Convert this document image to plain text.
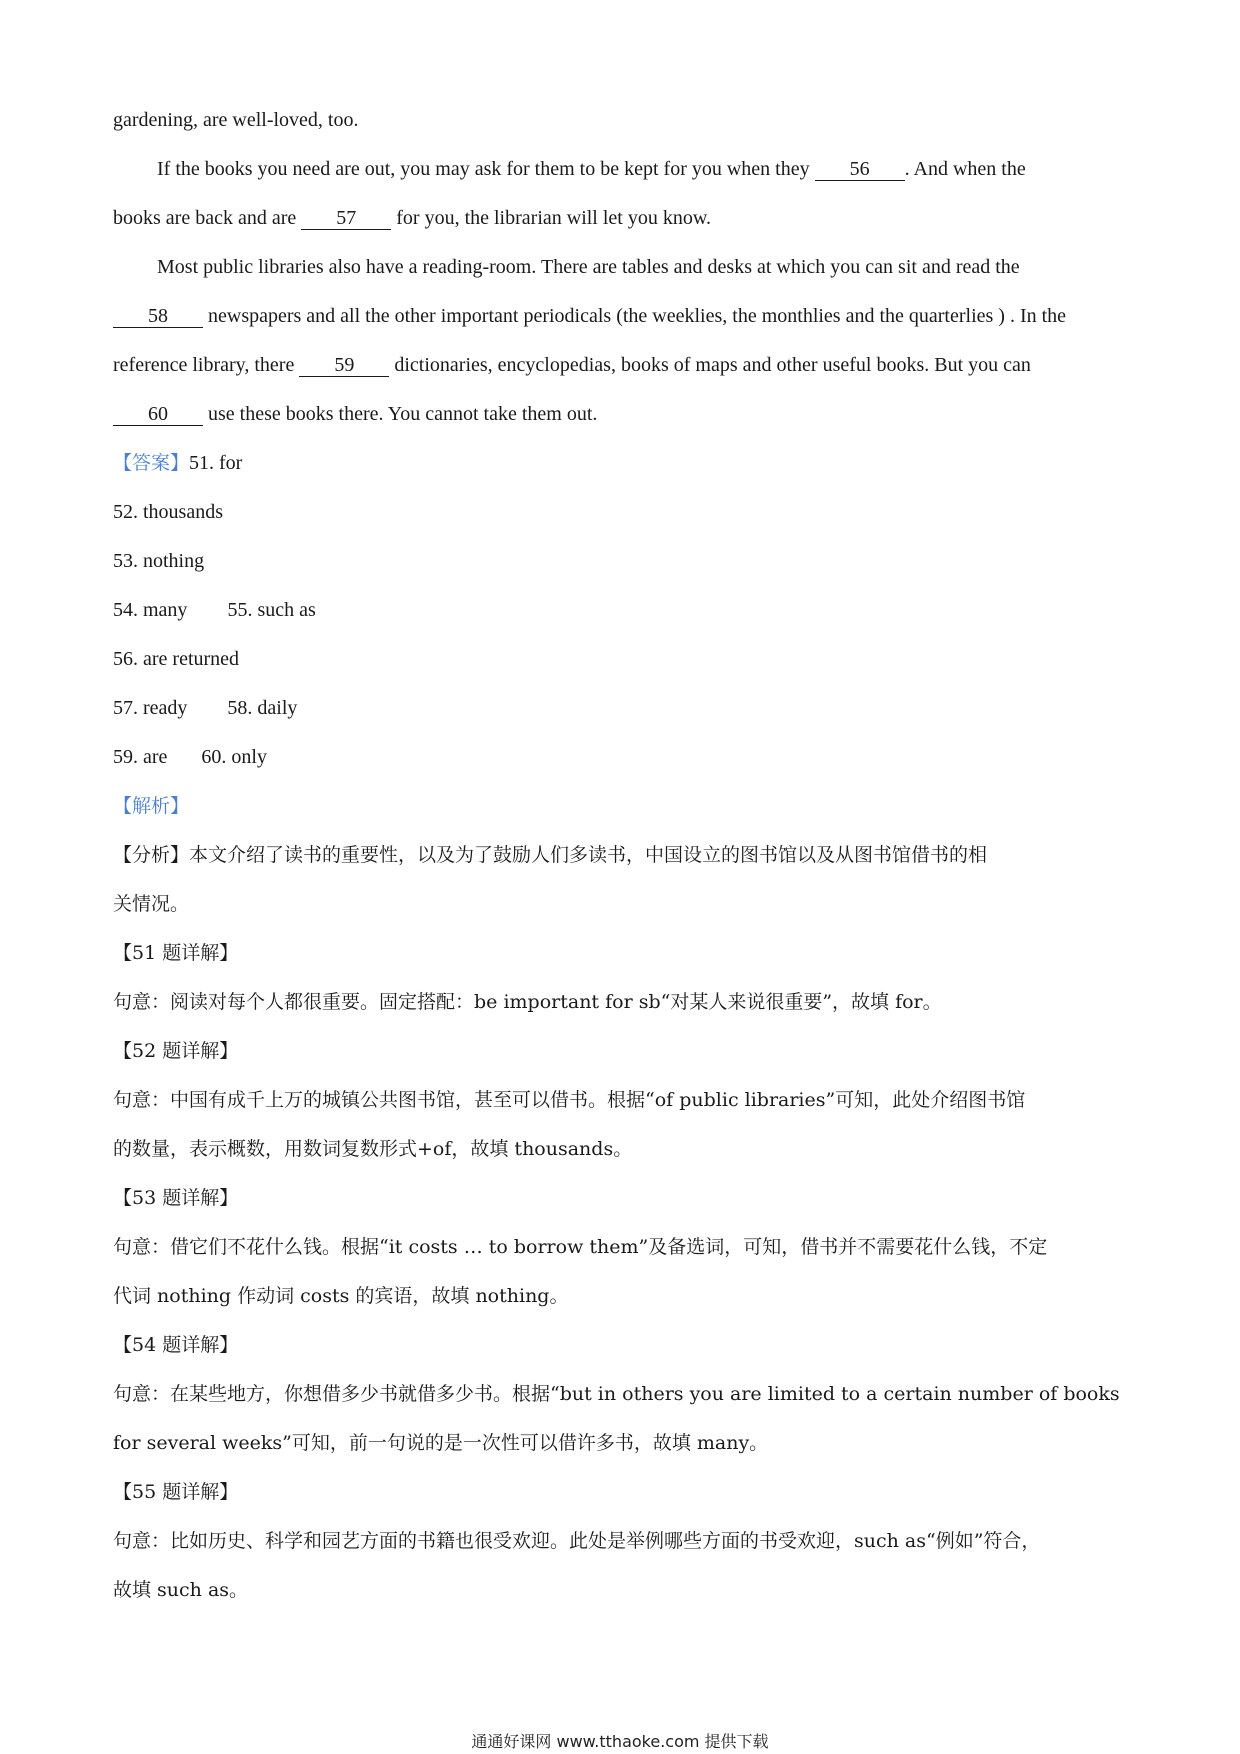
gardening, are well-loved, too.
If the books you need are out, you may ask for them to be kept for you when they 56 . And when the
books are back and are 57 for you, the librarian will let you know.
Most public libraries also have a reading-room. There are tables and desks at which you can sit and read the
58 newspapers and all the other important periodicals (the weeklies, the monthlies and the quarterlies ) . In the
reference library, there 59 dictionaries, encyclopedias, books of maps and other useful books. But you can
60 use these books there. You cannot take them out.
【答案】51. for
52. thousands
53. nothing
54. many 55. such as
56. are returned
57. ready 58. daily
59. are 60. only
【解析】
【分析】本文介绍了读书的重要性，以及为了鼓励人们多读书，中国设立的图书馆以及从图书馆借书的相
关情况。
【51 题详解】
句意：阅读对每个人都很重要。固定搭配：be important for sb“对某人来说很重要”，故填 for。
【52 题详解】
句意：中国有成千上万的城镇公共图书馆，甚至可以借书。根据“of public libraries”可知，此处介绍图书馆
的数量，表示概数，用数词复数形式+of，故填 thousands。
【53 题详解】
句意：借它们不花什么钱。根据“it costs … to borrow them”及备选词，可知，借书并不需要花什么钱，不定
代词 nothing 作动词 costs 的宾语，故填 nothing。
【54 题详解】
句意：在某些地方，你想借多少书就借多少书。根据“but in others you are limited to a certain number of books
for several weeks”可知，前一句说的是一次性可以借许多书，故填 many。
【55 题详解】
句意：比如历史、科学和园艺方面的书籍也很受欢迎。此处是举例哪些方面的书受欢迎，such as“例如”符合，
故填 such as。
通通好课网 www.tthaoke.com 提供下载
